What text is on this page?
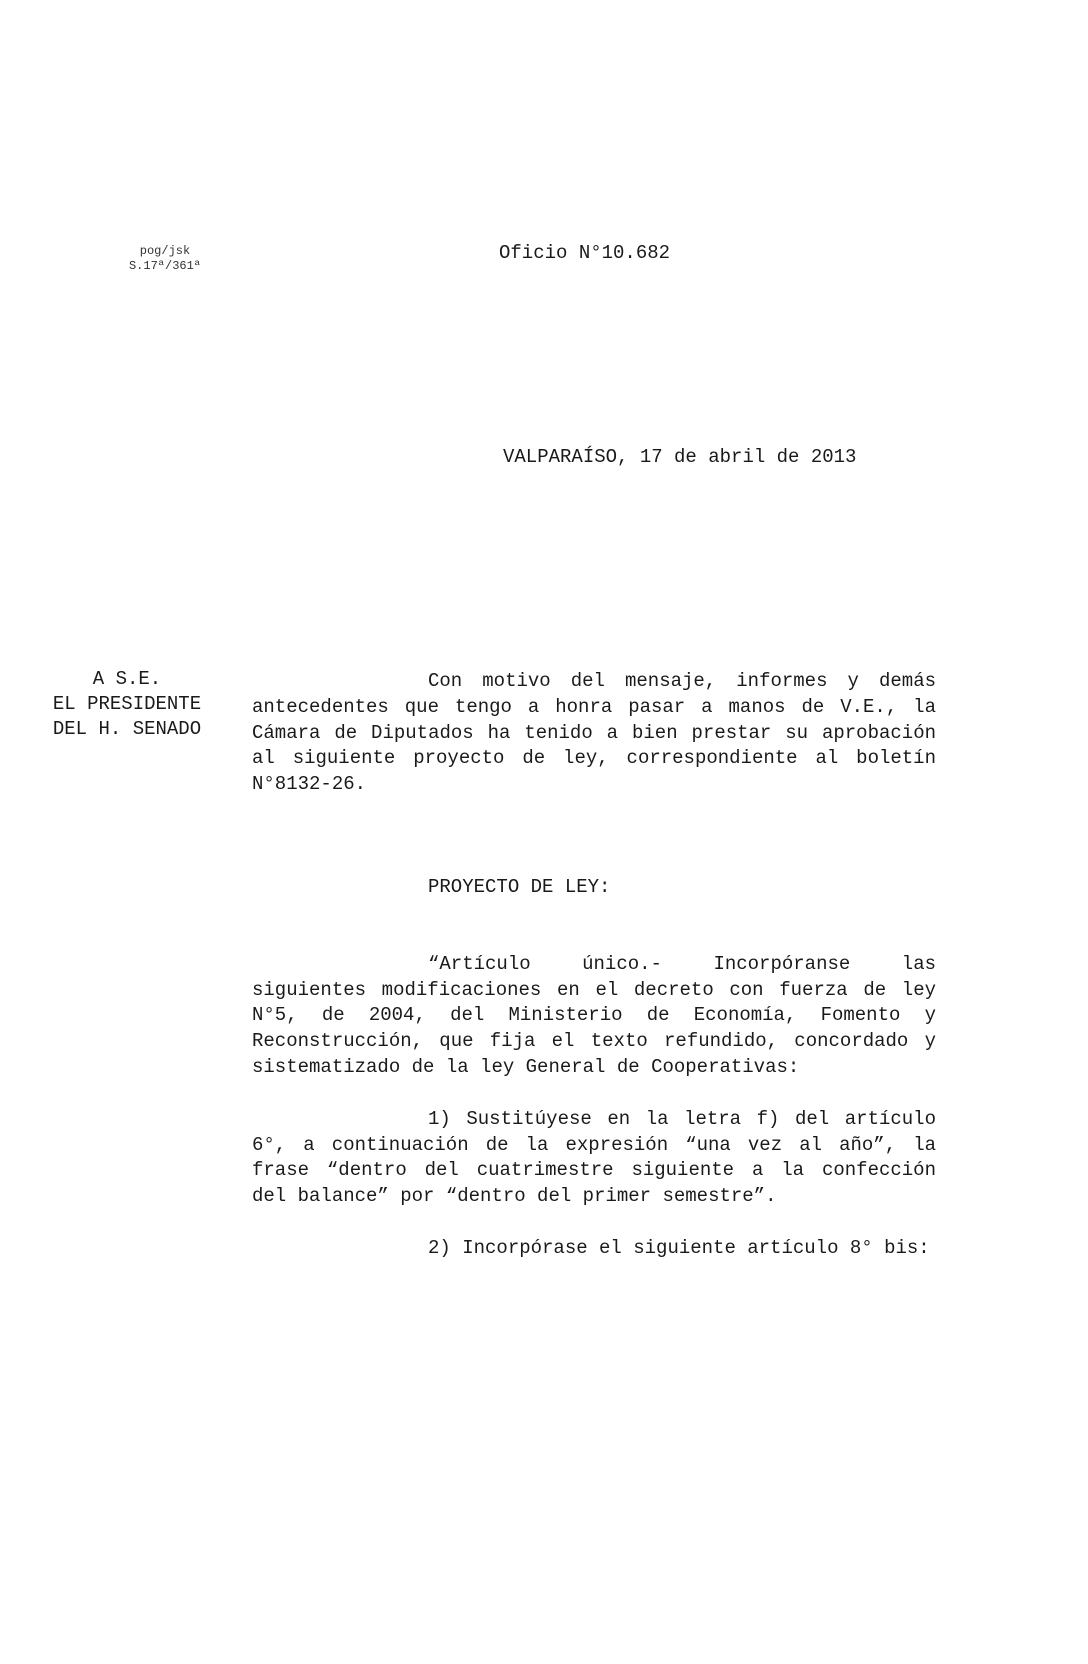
pog/jsk
S.17ª/361ª
Oficio N°10.682
VALPARAÍSO, 17 de abril de 2013
A S.E.
EL PRESIDENTE
DEL H. SENADO

Con motivo del mensaje, informes y demás antecedentes que tengo a honra pasar a manos de V.E., la Cámara de Diputados ha tenido a bien prestar su aprobación al siguiente proyecto de ley, correspondiente al boletín N°8132-26.

PROYECTO DE LEY:

“Artículo único.- Incorpóranse las siguientes modificaciones en el decreto con fuerza de ley N°5, de 2004, del Ministerio de Economía, Fomento y Reconstrucción, que fija el texto refundido, concordado y sistematizado de la ley General de Cooperativas:

1) Sustitúyese en la letra f) del artículo 6°, a continuación de la expresión “una vez al año”, la frase “dentro del cuatrimestre siguiente a la confección del balance” por “dentro del primer semestre”.

2) Incorpórase el siguiente artículo 8° bis:
